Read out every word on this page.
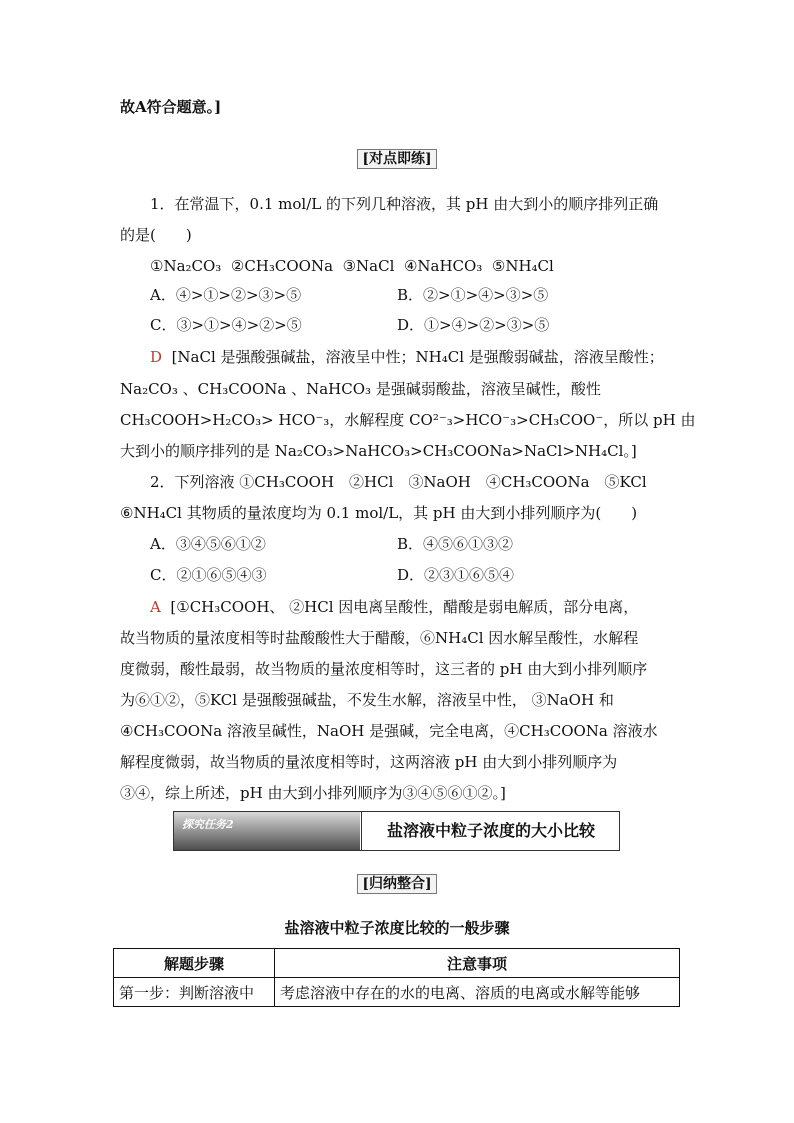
故A符合题意。]
[对点即练]
1．在常温下，0.1 mol/L 的下列几种溶液，其 pH 由大到小的顺序排列正确
的是(　　)
①Na₂CO₃ ②CH₃COONa ③NaCl ④NaHCO₃ ⑤NH₄Cl
A．④>①>②>③>⑤	B．②>①>④>③>⑤
C．③>①>④>②>⑤	D．①>④>②>③>⑤
D [NaCl 是强酸强碱盐，溶液呈中性；NH₄Cl 是强酸弱碱盐，溶液呈酸性；
Na₂CO₃ 、CH₃COONa 、NaHCO₃ 是强碱弱酸盐，溶液呈碱性，酸性
CH₃COOH>H₂CO₃> HCO⁻₃，水解程度 CO²⁻₃>HCO⁻₃>CH₃COO⁻，所以 pH 由
大到小的顺序排列的是 Na₂CO₃>NaHCO₃>CH₃COONa>NaCl>NH₄Cl。]
2．下列溶液 ①CH₃COOH　②HCl　③NaOH　④CH₃COONa　⑤KCl
⑥NH₄Cl 其物质的量浓度均为 0.1 mol/L，其 pH 由大到小排列顺序为(　　)
A．③④⑤⑥①②	B．④⑤⑥①③②
C．②①⑥⑤④③	D．②③①⑥⑤④
A [①CH₃COOH、 ②HCl 因电离呈酸性，醋酸是弱电解质，部分电离，
故当物质的量浓度相等时盐酸酸性大于醋酸，⑥NH₄Cl 因水解呈酸性，水解程
度微弱，酸性最弱，故当物质的量浓度相等时，这三者的 pH 由大到小排列顺序
为⑥①②，⑤KCl 是强酸强碱盐，不发生水解，溶液呈中性， ③NaOH 和
④CH₃COONa 溶液呈碱性，NaOH 是强碱，完全电离，④CH₃COONa 溶液水
解程度微弱，故当物质的量浓度相等时，这两溶液 pH 由大到小排列顺序为
③④，综上所述，pH 由大到小排列顺序为③④⑤⑥①②。]
探究任务2	盐溶液中粒子浓度的大小比较
[归纳整合]
盐溶液中粒子浓度比较的一般步骤
解题步骤	注意事项
第一步：判断溶液中	考虑溶液中存在的水的电离、溶质的电离或水解等能够
